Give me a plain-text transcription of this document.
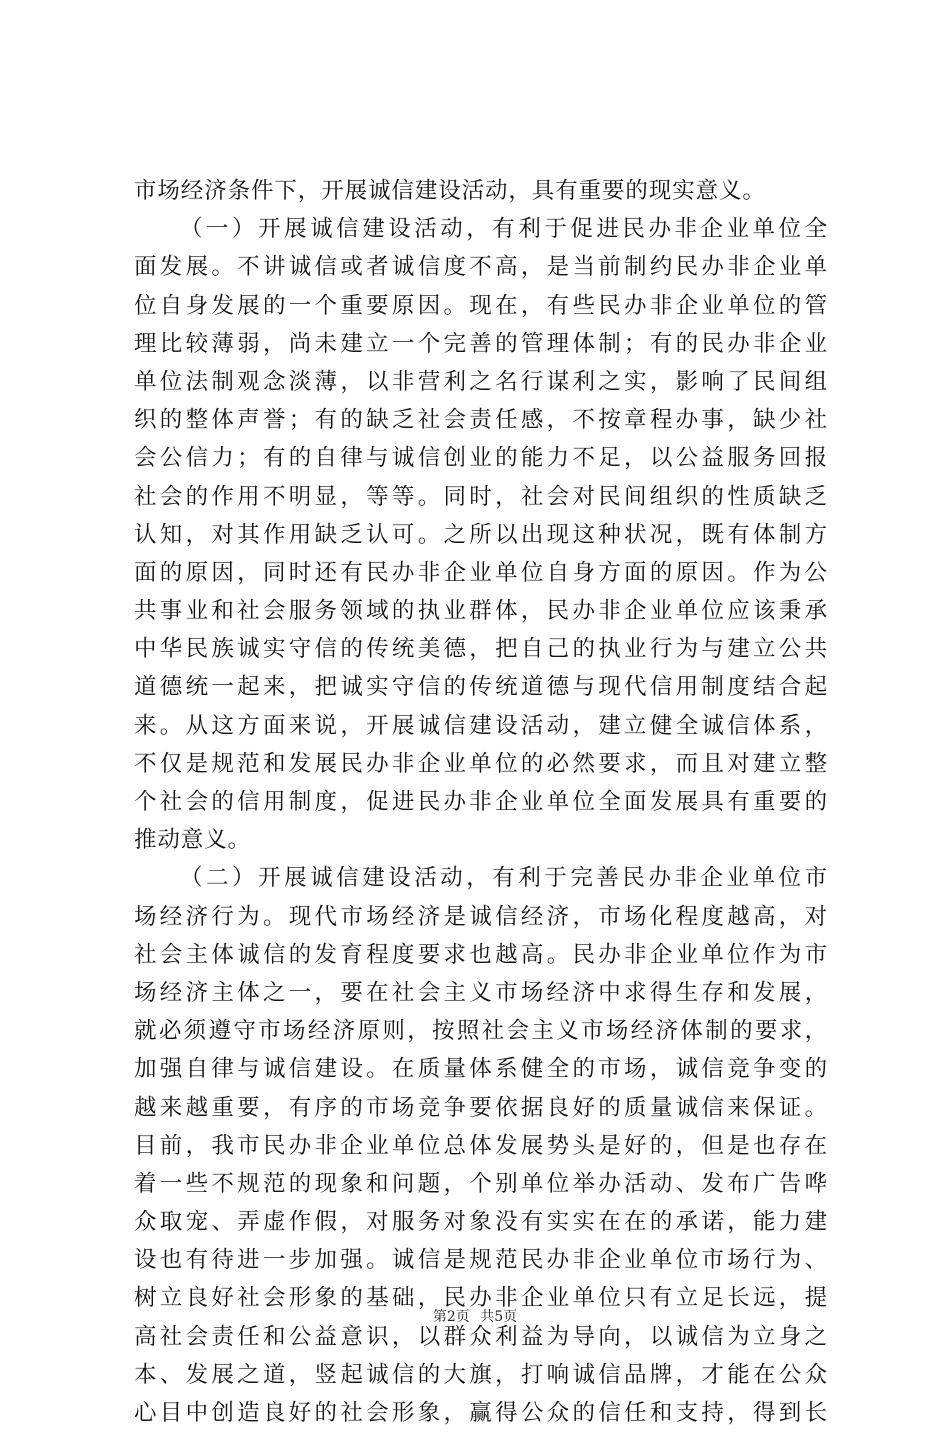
市场经济条件下，开展诚信建设活动，具有重要的现实意义。
（一）开展诚信建设活动，有利于促进民办非企业单位全
面发展。不讲诚信或者诚信度不高，是当前制约民办非企业单
位自身发展的一个重要原因。现在，有些民办非企业单位的管
理比较薄弱，尚未建立一个完善的管理体制；有的民办非企业
单位法制观念淡薄，以非营利之名行谋利之实，影响了民间组
织的整体声誉；有的缺乏社会责任感，不按章程办事，缺少社
会公信力；有的自律与诚信创业的能力不足，以公益服务回报
社会的作用不明显，等等。同时，社会对民间组织的性质缺乏
认知，对其作用缺乏认可。之所以出现这种状况，既有体制方
面的原因，同时还有民办非企业单位自身方面的原因。作为公
共事业和社会服务领域的执业群体，民办非企业单位应该秉承
中华民族诚实守信的传统美德，把自己的执业行为与建立公共
道德统一起来，把诚实守信的传统道德与现代信用制度结合起
来。从这方面来说，开展诚信建设活动，建立健全诚信体系，
不仅是规范和发展民办非企业单位的必然要求，而且对建立整
个社会的信用制度，促进民办非企业单位全面发展具有重要的
推动意义。
（二）开展诚信建设活动，有利于完善民办非企业单位市
场经济行为。现代市场经济是诚信经济，市场化程度越高，对
社会主体诚信的发育程度要求也越高。民办非企业单位作为市
场经济主体之一，要在社会主义市场经济中求得生存和发展，
就必须遵守市场经济原则，按照社会主义市场经济体制的要求，
加强自律与诚信建设。在质量体系健全的市场，诚信竞争变的
越来越重要，有序的市场竞争要依据良好的质量诚信来保证。
目前，我市民办非企业单位总体发展势头是好的，但是也存在
着一些不规范的现象和问题，个别单位举办活动、发布广告哗
众取宠、弄虚作假，对服务对象没有实实在在的承诺，能力建
设也有待进一步加强。诚信是规范民办非企业单位市场行为、
树立良好社会形象的基础，民办非企业单位只有立足长远，提
高社会责任和公益意识，以群众利益为导向，以诚信为立身之
本、发展之道，竖起诚信的大旗，打响诚信品牌，才能在公众
心目中创造良好的社会形象，赢得公众的信任和支持，得到长
第2页 共5页
